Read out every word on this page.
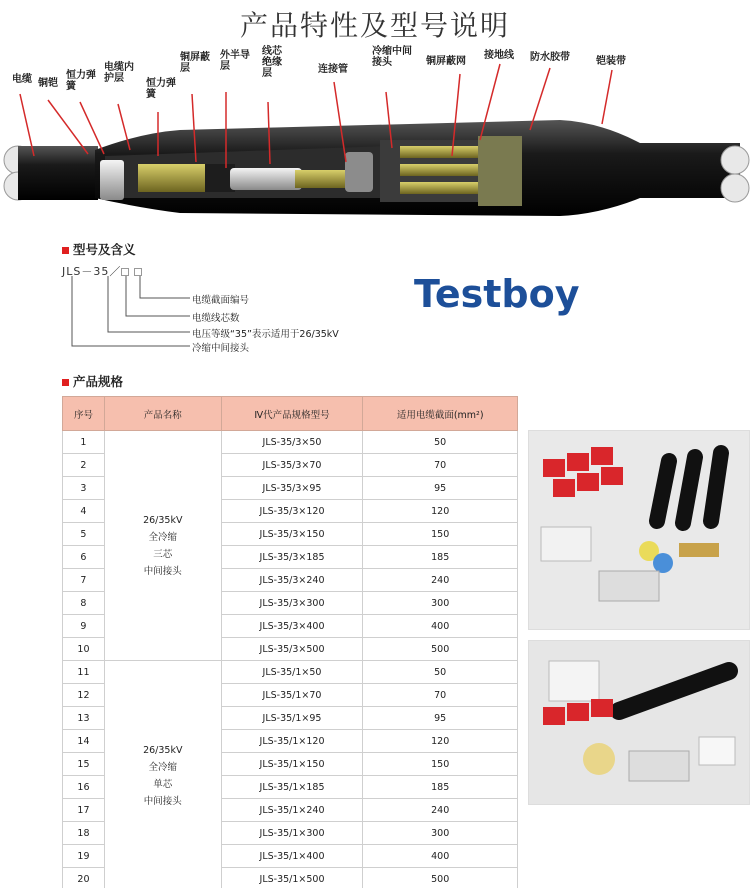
产品特性及型号说明
电缆 铜铠
恒力弹簧
电缆内护层	恒力弹簧
铜屏蔽层
外半导层
线芯绝缘层	连接管
冷缩中间接头	铜屏蔽网
接地线	防水胶带	铠装带
型号及含义
JLS－35／
电缆截面编号
电缆线芯数
电压等级“35”表示适用于26/35kV
冷缩中间接头
Testboy
产品规格
序号	产品名称	Ⅳ代产品规格型号	适用电缆截面(mm²)
1	26/35kV
全冷缩
三芯
中间接头	JLS-35/3×50	50
2		JLS-35/3×70	70
3		JLS-35/3×95	95
4		JLS-35/3×120	120
5		JLS-35/3×150	150
6		JLS-35/3×185	185
7		JLS-35/3×240	240
8		JLS-35/3×300	300
9		JLS-35/3×400	400
10		JLS-35/3×500	500
11	26/35kV
全冷缩
单芯
中间接头	JLS-35/1×50	50
12		JLS-35/1×70	70
13		JLS-35/1×95	95
14		JLS-35/1×120	120
15		JLS-35/1×150	150
16		JLS-35/1×185	185
17		JLS-35/1×240	240
18		JLS-35/1×300	300
19		JLS-35/1×400	400
20		JLS-35/1×500	500
